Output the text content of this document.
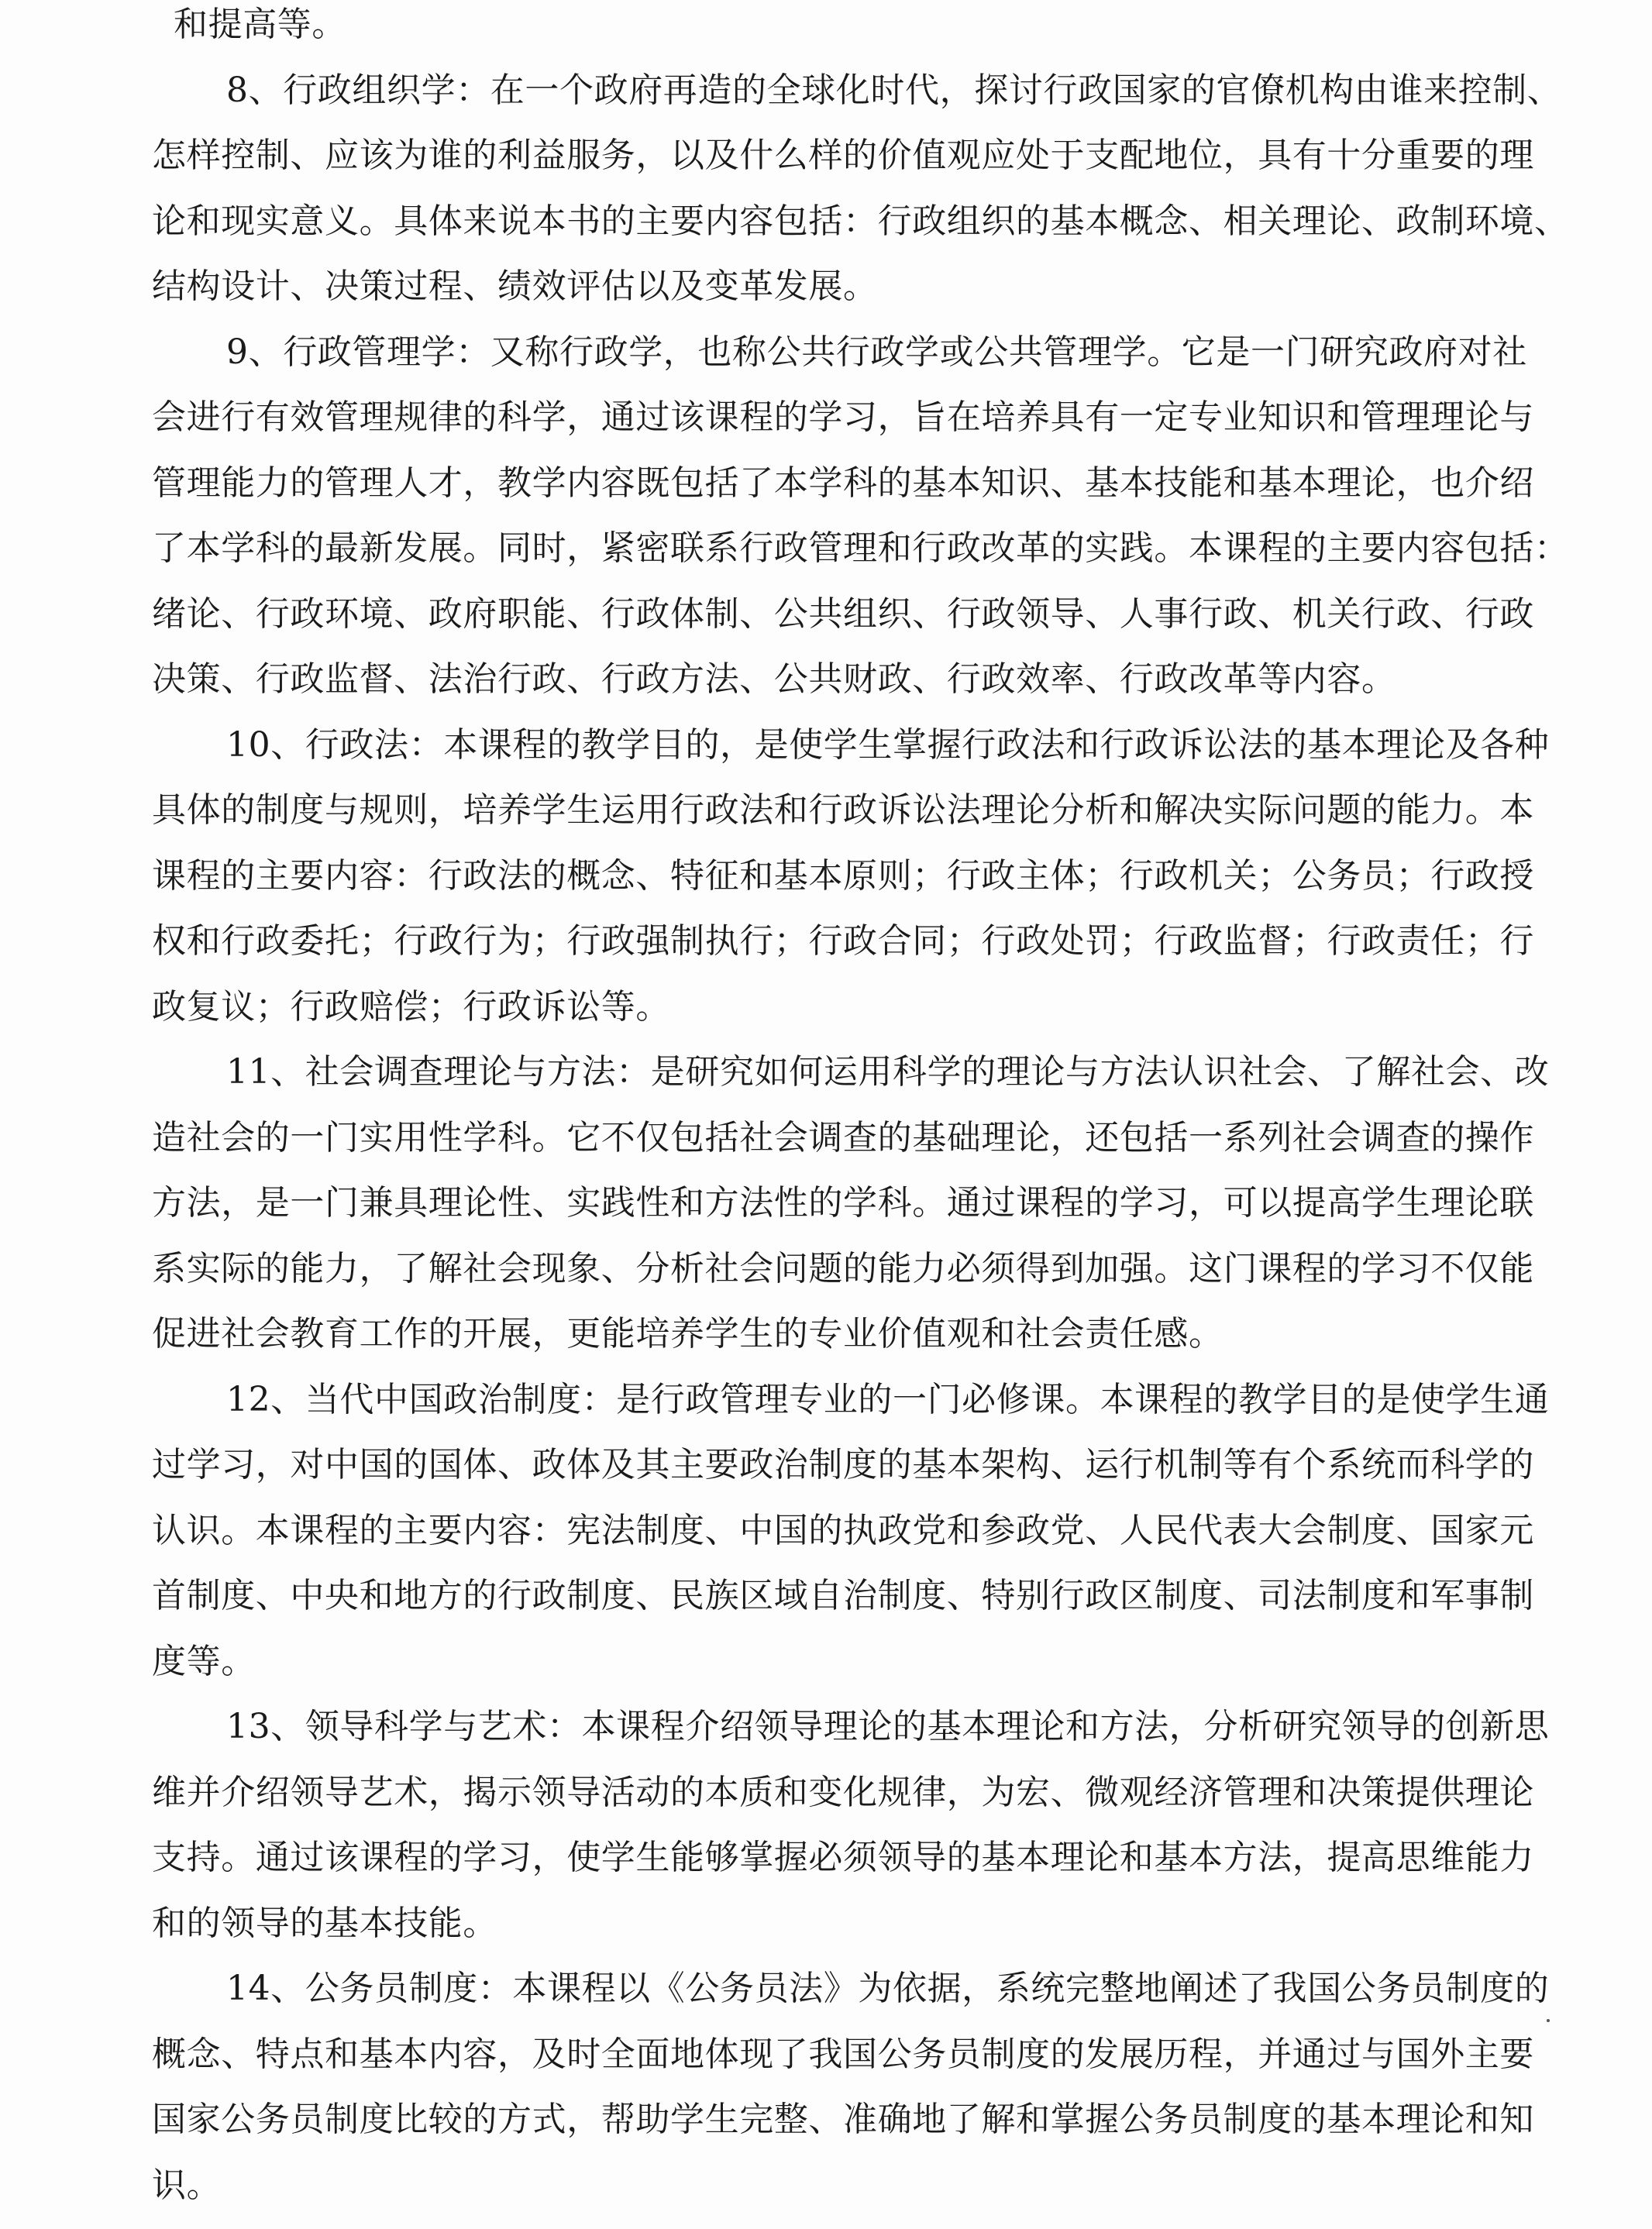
和提高等。
8、行政组织学：在一个政府再造的全球化时代，探讨行政国家的官僚机构由谁来控制、
怎样控制、应该为谁的利益服务，以及什么样的价值观应处于支配地位，具有十分重要的理
论和现实意义。具体来说本书的主要内容包括：行政组织的基本概念、相关理论、政制环境、
结构设计、决策过程、绩效评估以及变革发展。
9、行政管理学：又称行政学，也称公共行政学或公共管理学。它是一门研究政府对社
会进行有效管理规律的科学，通过该课程的学习，旨在培养具有一定专业知识和管理理论与
管理能力的管理人才，教学内容既包括了本学科的基本知识、基本技能和基本理论，也介绍
了本学科的最新发展。同时，紧密联系行政管理和行政改革的实践。本课程的主要内容包括：
绪论、行政环境、政府职能、行政体制、公共组织、行政领导、人事行政、机关行政、行政
决策、行政监督、法治行政、行政方法、公共财政、行政效率、行政改革等内容。
10、行政法：本课程的教学目的，是使学生掌握行政法和行政诉讼法的基本理论及各种
具体的制度与规则，培养学生运用行政法和行政诉讼法理论分析和解决实际问题的能力。本
课程的主要内容：行政法的概念、特征和基本原则；行政主体；行政机关；公务员；行政授
权和行政委托；行政行为；行政强制执行；行政合同；行政处罚；行政监督；行政责任；行
政复议；行政赔偿；行政诉讼等。
11、社会调查理论与方法：是研究如何运用科学的理论与方法认识社会、了解社会、改
造社会的一门实用性学科。它不仅包括社会调查的基础理论，还包括一系列社会调查的操作
方法，是一门兼具理论性、实践性和方法性的学科。通过课程的学习，可以提高学生理论联
系实际的能力，了解社会现象、分析社会问题的能力必须得到加强。这门课程的学习不仅能
促进社会教育工作的开展，更能培养学生的专业价值观和社会责任感。
12、当代中国政治制度：是行政管理专业的一门必修课。本课程的教学目的是使学生通
过学习，对中国的国体、政体及其主要政治制度的基本架构、运行机制等有个系统而科学的
认识。本课程的主要内容：宪法制度、中国的执政党和参政党、人民代表大会制度、国家元
首制度、中央和地方的行政制度、民族区域自治制度、特别行政区制度、司法制度和军事制
度等。
13、领导科学与艺术：本课程介绍领导理论的基本理论和方法，分析研究领导的创新思
维并介绍领导艺术，揭示领导活动的本质和变化规律，为宏、微观经济管理和决策提供理论
支持。通过该课程的学习，使学生能够掌握必须领导的基本理论和基本方法，提高思维能力
和的领导的基本技能。
14、公务员制度：本课程以《公务员法》为依据，系统完整地阐述了我国公务员制度的
概念、特点和基本内容，及时全面地体现了我国公务员制度的发展历程，并通过与国外主要
国家公务员制度比较的方式，帮助学生完整、准确地了解和掌握公务员制度的基本理论和知
识。
